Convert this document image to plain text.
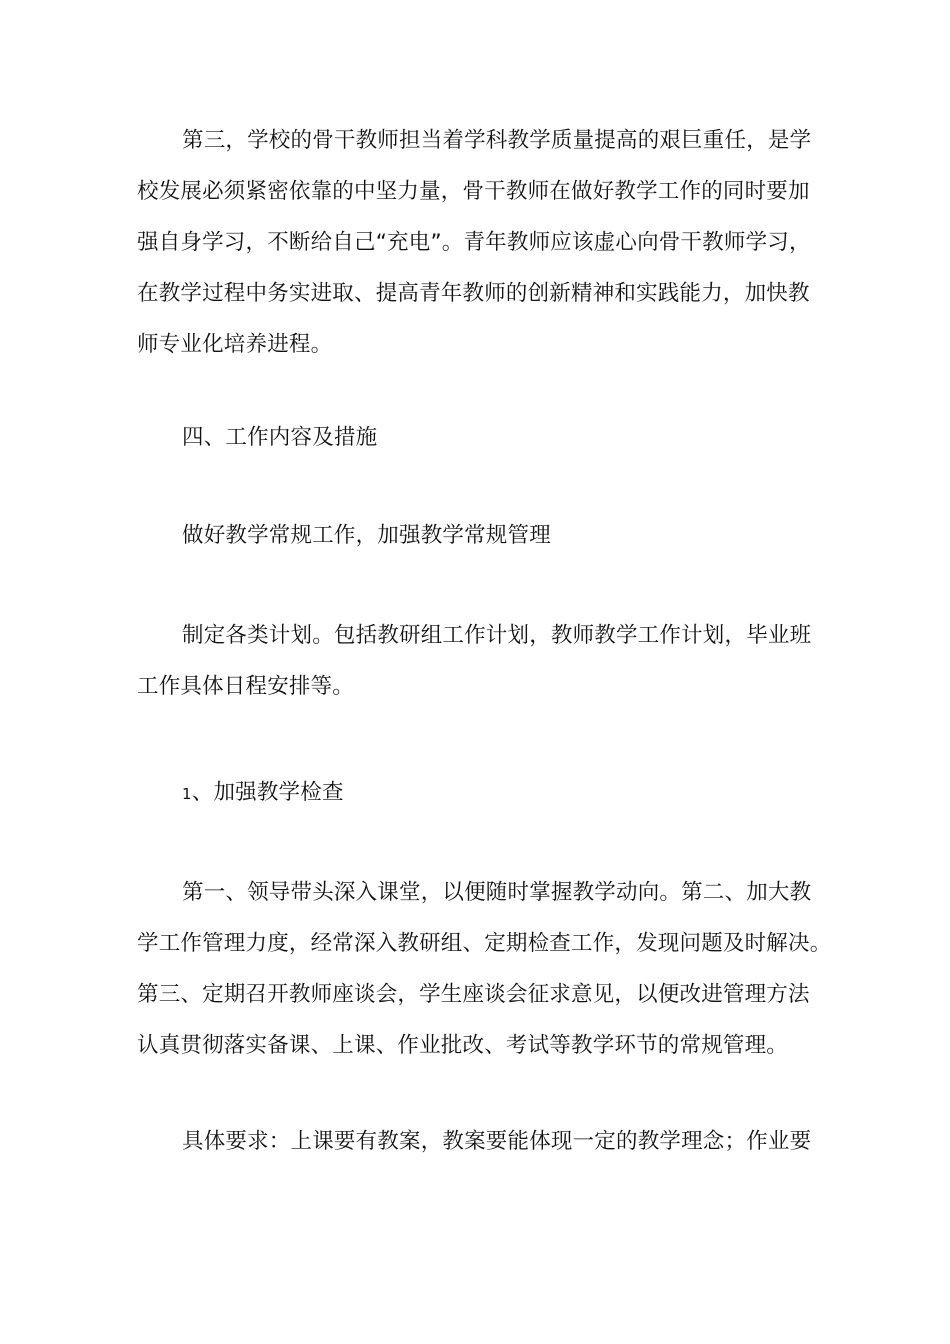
第三，学校的骨干教师担当着学科教学质量提高的艰巨重任，是学
校发展必须紧密依靠的中坚力量，骨干教师在做好教学工作的同时要加
强自身学习，不断给自己“充电”。青年教师应该虚心向骨干教师学习，
在教学过程中务实进取、提高青年教师的创新精神和实践能力，加快教
师专业化培养进程。

四、工作内容及措施

做好教学常规工作，加强教学常规管理

制定各类计划。包括教研组工作计划，教师教学工作计划，毕业班
工作具体日程安排等。

1、加强教学检查

第一、领导带头深入课堂，以便随时掌握教学动向。第二、加大教
学工作管理力度，经常深入教研组、定期检查工作，发现问题及时解决。
第三、定期召开教师座谈会，学生座谈会征求意见，以便改进管理方法
认真贯彻落实备课、上课、作业批改、考试等教学环节的常规管理。

具体要求：上课要有教案，教案要能体现一定的教学理念；作业要
